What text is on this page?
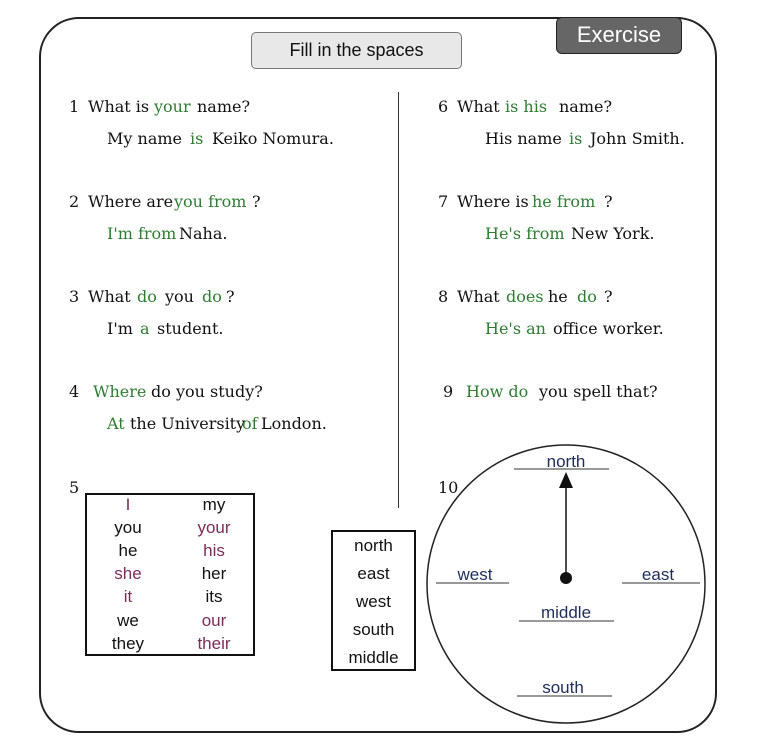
Fill in the spaces
Exercise
1 What is your name?
My name is Keiko Nomura.
2 Where are you from ?
I'm from Naha.
3 What do you do ?
I'm a student.
4 Where do you study?
At the University
of London.
5
I
you
he
she
it
we
they
my
your
his
her
its
our
their
north
east
west
south
middle
6 What is his name?
His name is John Smith.
7 Where is he from ?
He's from New York.
8 What does he do ?
He's an office worker.
9 How do you spell that?
10
north
west	east
middle
south
